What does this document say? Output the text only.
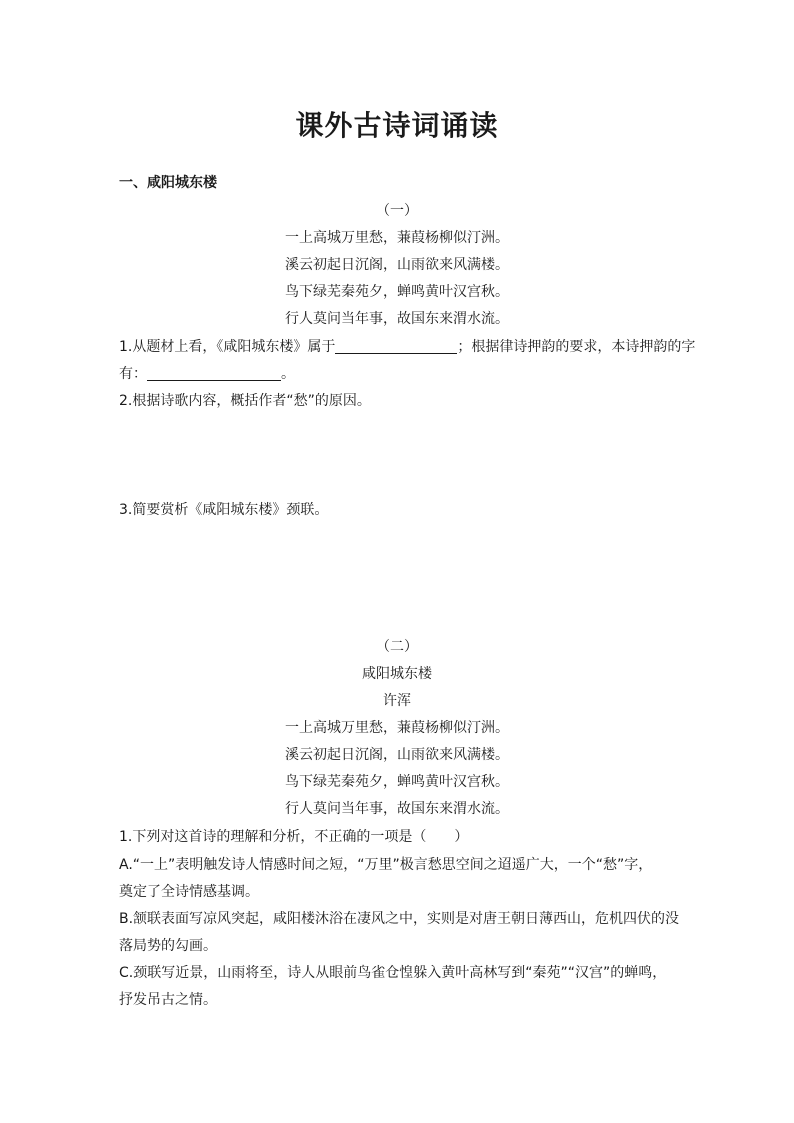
课外古诗词诵读
一、咸阳城东楼
（一）
一上高城万里愁，蒹葭杨柳似汀洲。
溪云初起日沉阁，山雨欲来风满楼。
鸟下绿芜秦苑夕，蝉鸣黄叶汉宫秋。
行人莫问当年事，故国东来渭水流。
1.从题材上看，《咸阳城东楼》属于	；根据律诗押韵的要求，本诗押韵的字
有：	。
2.根据诗歌内容，概括作者“愁”的原因。
3.简要赏析《咸阳城东楼》颈联。
（二）
咸阳城东楼
许浑
一上高城万里愁，蒹葭杨柳似汀洲。
溪云初起日沉阁，山雨欲来风满楼。
鸟下绿芜秦苑夕，蝉鸣黄叶汉宫秋。
行人莫问当年事，故国东来渭水流。
1.下列对这首诗的理解和分析，不正确的一项是（　　）
A.“一上”表明触发诗人情感时间之短，“万里”极言愁思空间之迢遥广大，一个“愁”字，
奠定了全诗情感基调。
B.颔联表面写凉风突起，咸阳楼沐浴在凄风之中，实则是对唐王朝日薄西山，危机四伏的没
落局势的勾画。
C.颈联写近景，山雨将至，诗人从眼前鸟雀仓惶躲入黄叶高林写到“秦苑”“汉宫”的蝉鸣，
抒发吊古之情。
